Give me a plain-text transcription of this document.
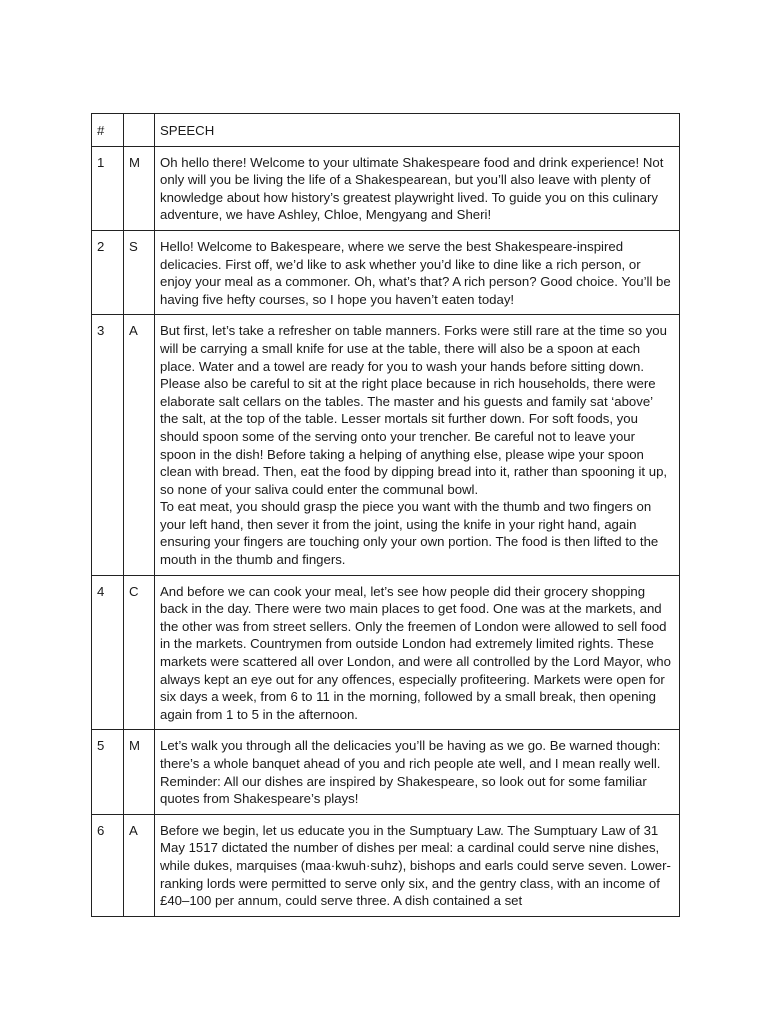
#		SPEECH
1	M	Oh hello there! Welcome to your ultimate Shakespeare food and drink experience! Not only will you be living the life of a Shakespearean, but you’ll also leave with plenty of knowledge about how history’s greatest playwright lived. To guide you on this culinary adventure, we have Ashley, Chloe, Mengyang and Sheri!

2	S	Hello! Welcome to Bakespeare, where we serve the best Shakespeare-inspired delicacies. First off, we’d like to ask whether you’d like to dine like a rich person, or enjoy your meal as a commoner. Oh, what’s that? A rich person? Good choice. You’ll be having five hefty courses, so I hope you haven’t eaten today!

3	A	But first, let’s take a refresher on table manners. Forks were still rare at the time so you will be carrying a small knife for use at the table, there will also be a spoon at each place. Water and a towel are ready for you to wash your hands before sitting down. Please also be careful to sit at the right place because in rich households, there were elaborate salt cellars on the tables. The master and his guests and family sat ‘above’ the salt, at the top of the table. Lesser mortals sit further down. For soft foods, you should spoon some of the serving onto your trencher. Be careful not to leave your spoon in the dish! Before taking a helping of anything else, please wipe your spoon clean with bread. Then, eat the food by dipping bread into it, rather than spooning it up, so none of your saliva could enter the communal bowl.
To eat meat, you should grasp the piece you want with the thumb and two fingers on your left hand, then sever it from the joint, using the knife in your right hand, again ensuring your fingers are touching only your own portion. The food is then lifted to the mouth in the thumb and fingers.

4	C	And before we can cook your meal, let’s see how people did their grocery shopping back in the day. There were two main places to get food. One was at the markets, and the other was from street sellers. Only the freemen of London were allowed to sell food in the markets. Countrymen from outside London had extremely limited rights. These markets were scattered all over London, and were all controlled by the Lord Mayor, who always kept an eye out for any offences, especially profiteering. Markets were open for six days a week, from 6 to 11 in the morning, followed by a small break, then opening again from 1 to 5 in the afternoon.

5	M	Let’s walk you through all the delicacies you’ll be having as we go. Be warned though: there’s a whole banquet ahead of you and rich people ate well, and I mean really well. Reminder: All our dishes are inspired by Shakespeare, so look out for some familiar quotes from Shakespeare’s plays!

6	A	Before we begin, let us educate you in the Sumptuary Law. The Sumptuary Law of 31 May 1517 dictated the number of dishes per meal: a cardinal could serve nine dishes, while dukes, marquises (maa·kwuh·suhz), bishops and earls could serve seven. Lower-ranking lords were permitted to serve only six, and the gentry class, with an income of £40–100 per annum, could serve three. A dish contained a set
